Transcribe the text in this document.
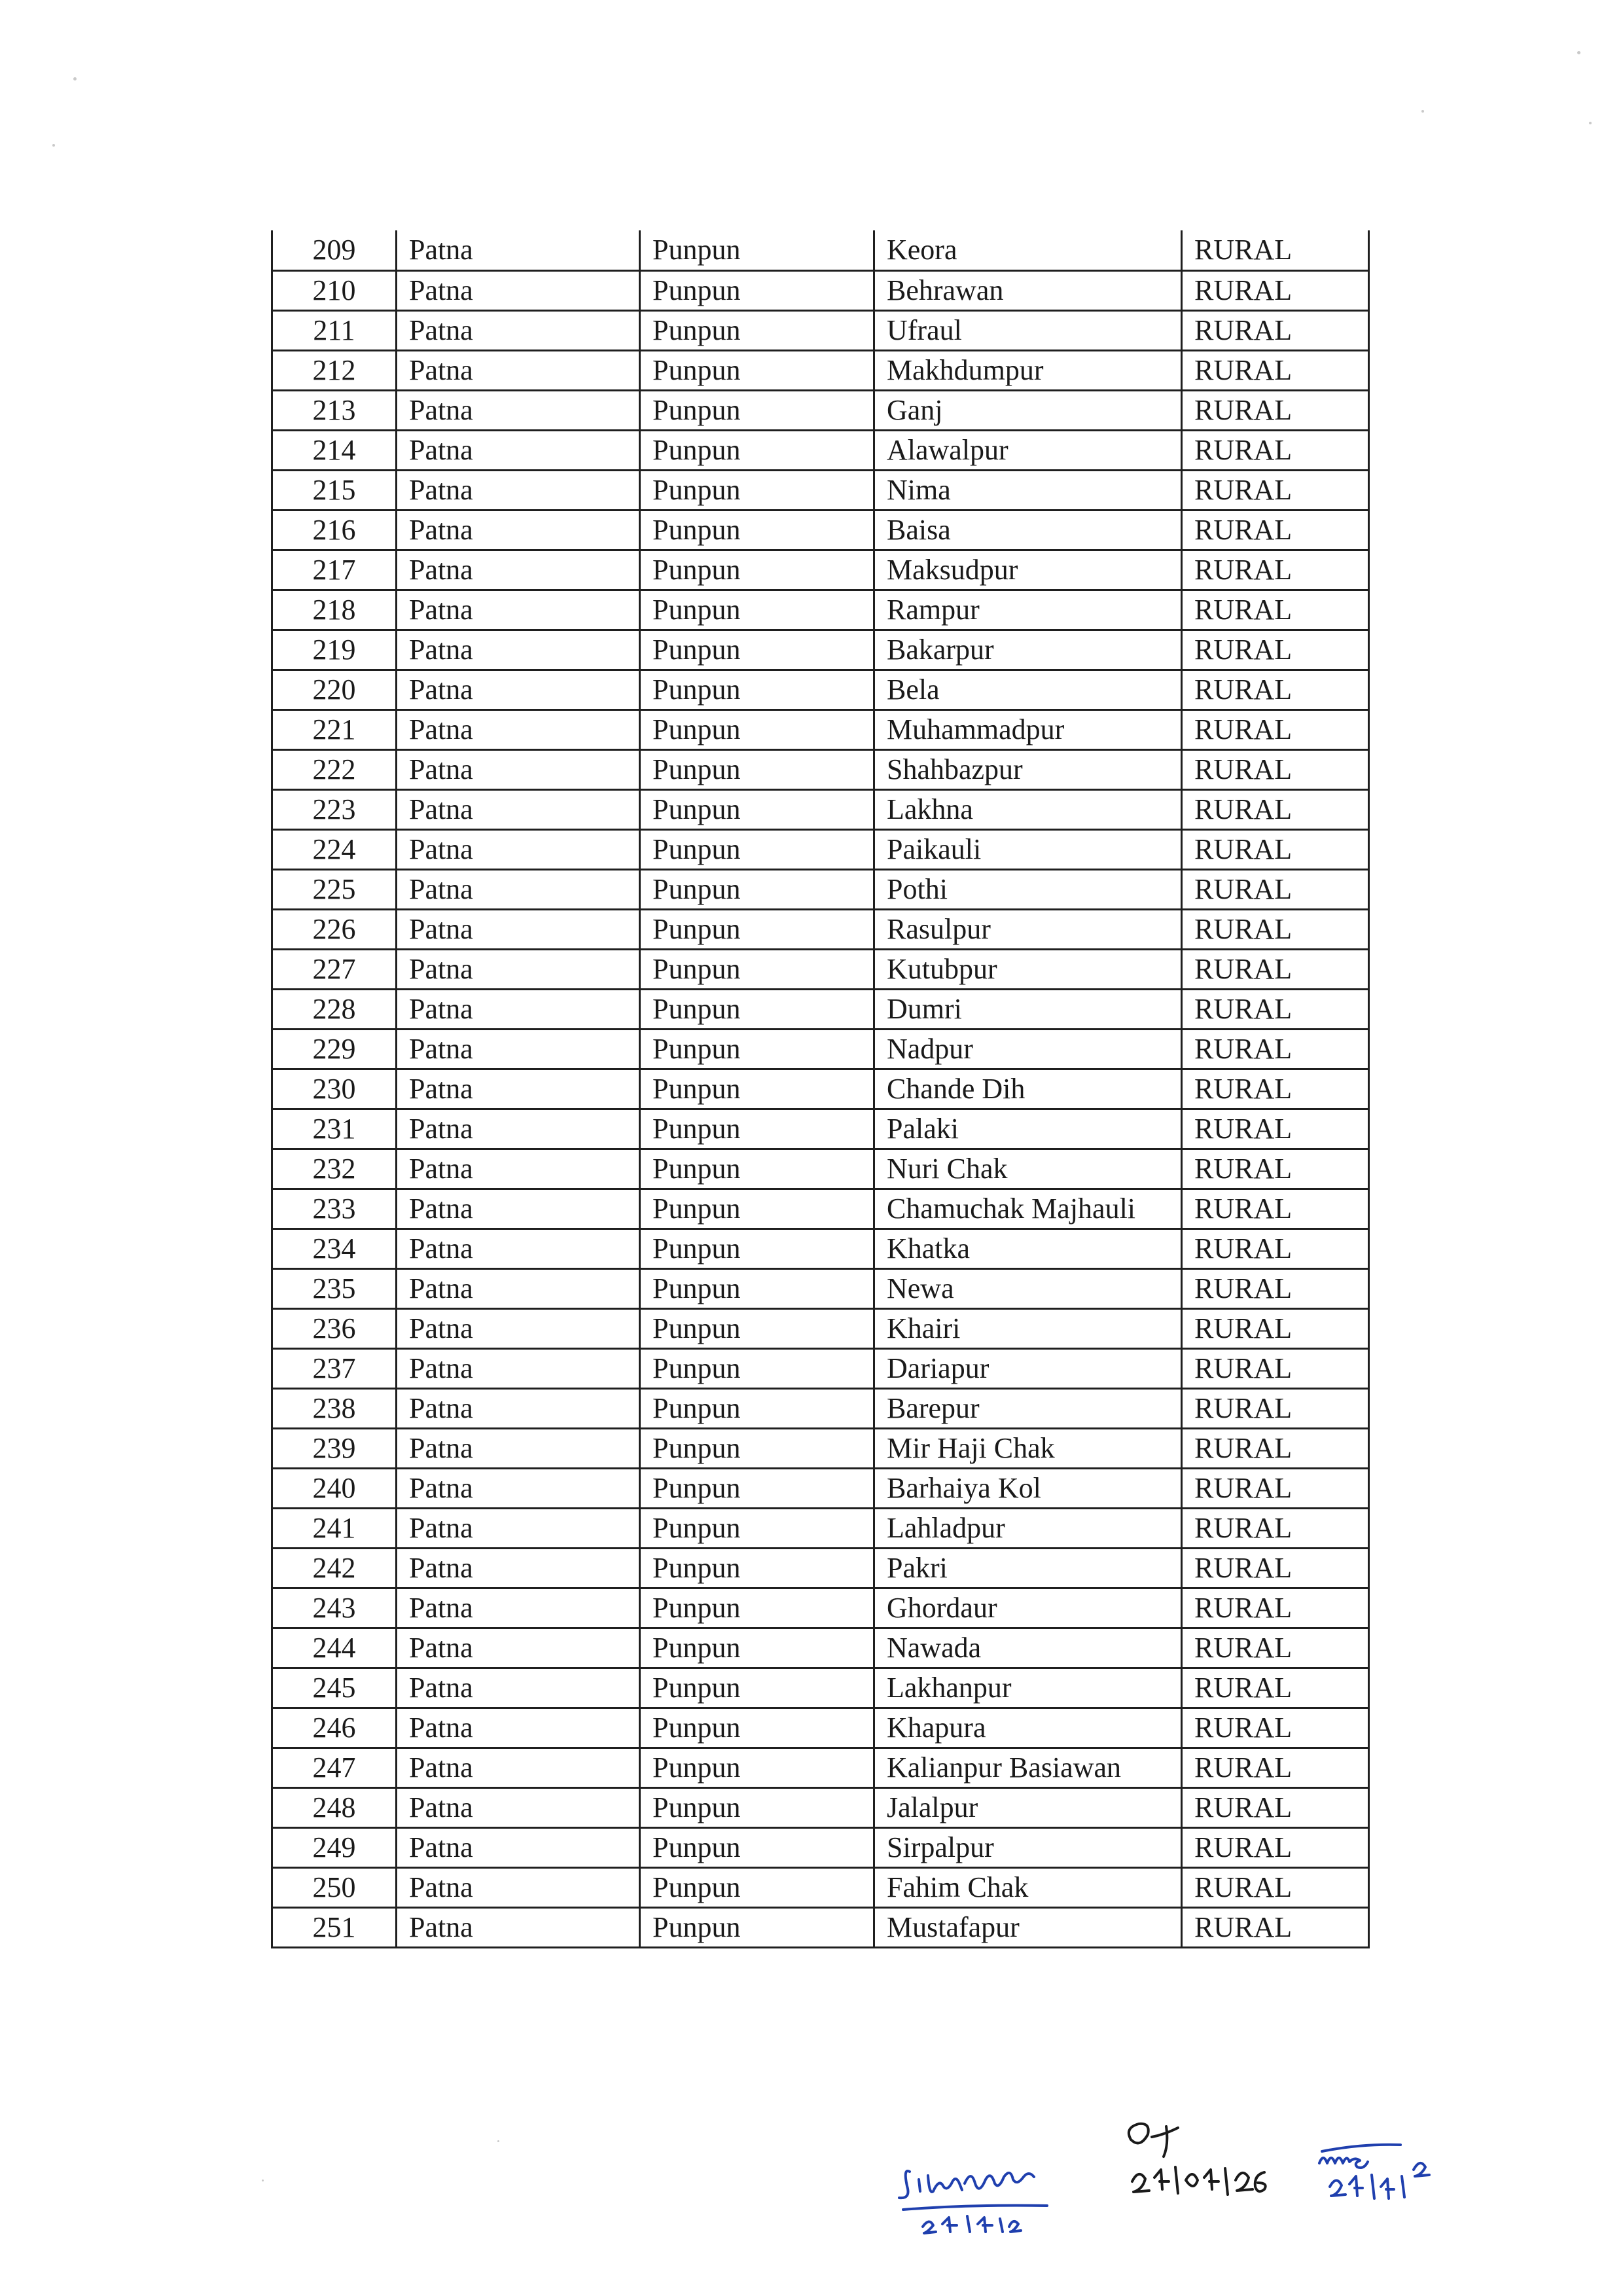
209	Patna	Punpun	Keora	RURAL
210	Patna	Punpun	Behrawan	RURAL
211	Patna	Punpun	Ufraul	RURAL
212	Patna	Punpun	Makhdumpur	RURAL
213	Patna	Punpun	Ganj	RURAL
214	Patna	Punpun	Alawalpur	RURAL
215	Patna	Punpun	Nima	RURAL
216	Patna	Punpun	Baisa	RURAL
217	Patna	Punpun	Maksudpur	RURAL
218	Patna	Punpun	Rampur	RURAL
219	Patna	Punpun	Bakarpur	RURAL
220	Patna	Punpun	Bela	RURAL
221	Patna	Punpun	Muhammadpur	RURAL
222	Patna	Punpun	Shahbazpur	RURAL
223	Patna	Punpun	Lakhna	RURAL
224	Patna	Punpun	Paikauli	RURAL
225	Patna	Punpun	Pothi	RURAL
226	Patna	Punpun	Rasulpur	RURAL
227	Patna	Punpun	Kutubpur	RURAL
228	Patna	Punpun	Dumri	RURAL
229	Patna	Punpun	Nadpur	RURAL
230	Patna	Punpun	Chande Dih	RURAL
231	Patna	Punpun	Palaki	RURAL
232	Patna	Punpun	Nuri Chak	RURAL
233	Patna	Punpun	Chamuchak Majhauli	RURAL
234	Patna	Punpun	Khatka	RURAL
235	Patna	Punpun	Newa	RURAL
236	Patna	Punpun	Khairi	RURAL
237	Patna	Punpun	Dariapur	RURAL
238	Patna	Punpun	Barepur	RURAL
239	Patna	Punpun	Mir Haji Chak	RURAL
240	Patna	Punpun	Barhaiya Kol	RURAL
241	Patna	Punpun	Lahladpur	RURAL
242	Patna	Punpun	Pakri	RURAL
243	Patna	Punpun	Ghordaur	RURAL
244	Patna	Punpun	Nawada	RURAL
245	Patna	Punpun	Lakhanpur	RURAL
246	Patna	Punpun	Khapura	RURAL
247	Patna	Punpun	Kalianpur Basiawan	RURAL
248	Patna	Punpun	Jalalpur	RURAL
249	Patna	Punpun	Sirpalpur	RURAL
250	Patna	Punpun	Fahim Chak	RURAL
251	Patna	Punpun	Mustafapur	RURAL
